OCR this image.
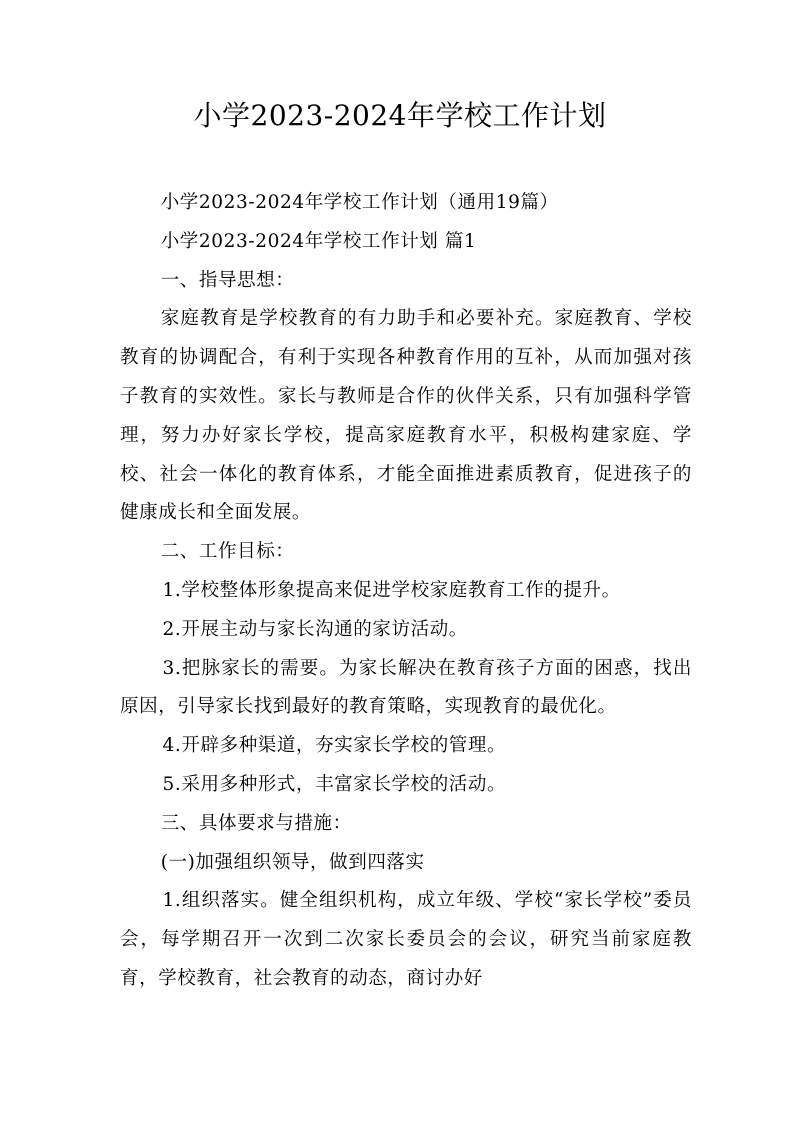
小学2023-2024年学校工作计划

小学2023-2024年学校工作计划（通用19篇）

小学2023-2024年学校工作计划 篇1

一、指导思想：

家庭教育是学校教育的有力助手和必要补充。家庭教育、学校教育的协调配合，有利于实现各种教育作用的互补，从而加强对孩子教育的实效性。家长与教师是合作的伙伴关系，只有加强科学管理，努力办好家长学校，提高家庭教育水平，积极构建家庭、学校、社会一体化的教育体系，才能全面推进素质教育，促进孩子的健康成长和全面发展。

二、工作目标：

1.学校整体形象提高来促进学校家庭教育工作的提升。

2.开展主动与家长沟通的家访活动。

3.把脉家长的需要。为家长解决在教育孩子方面的困惑，找出原因，引导家长找到最好的教育策略，实现教育的最优化。

4.开辟多种渠道，夯实家长学校的管理。

5.采用多种形式，丰富家长学校的活动。

三、具体要求与措施：

(一)加强组织领导，做到四落实

1.组织落实。健全组织机构，成立年级、学校“家长学校”委员会，每学期召开一次到二次家长委员会的会议，研究当前家庭教育，学校教育，社会教育的动态，商讨办好
